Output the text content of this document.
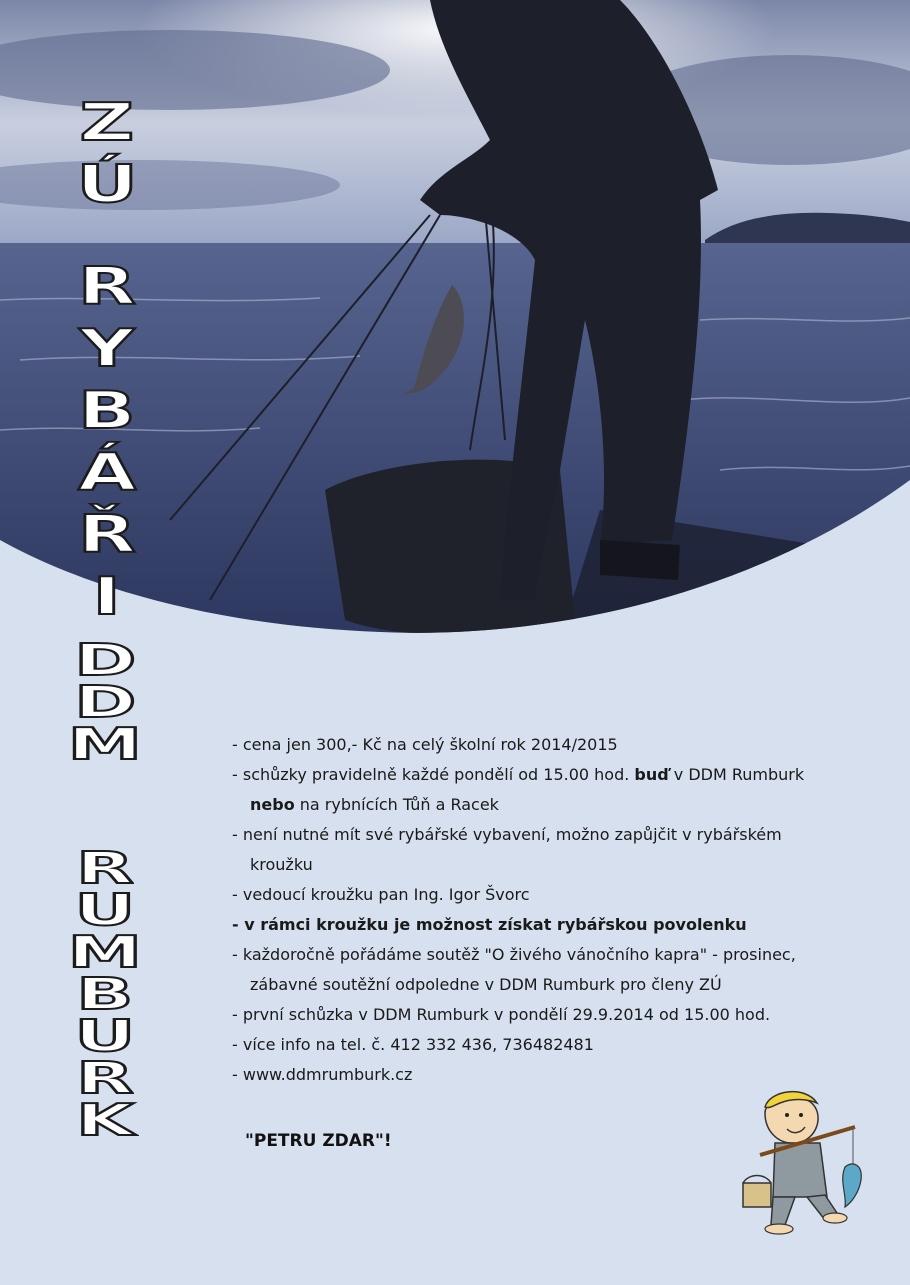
Z
Ú
R
Y
B
Á
Ř
I
D
D
M
R
U
M
B
U
R
K
- cena jen 300,- Kč na celý školní rok 2014/2015
- schůzky pravidelně každé pondělí od 15.00 hod. buď v DDM Rumburk
nebo na rybnících Tůň a Racek
- není nutné mít své rybářské vybavení, možno zapůjčit v rybářském
kroužku
- vedoucí kroužku pan Ing. Igor Švorc
- v rámci kroužku je možnost získat rybářskou povolenku
- každoročně pořádáme soutěž "O živého vánočního kapra" - prosinec,
zábavné soutěžní odpoledne v DDM Rumburk pro členy ZÚ
- první schůzka v DDM Rumburk v pondělí 29.9.2014 od 15.00 hod.
- více info na tel. č. 412 332 436, 736482481
- www.ddmrumburk.cz
"PETRU ZDAR"!
